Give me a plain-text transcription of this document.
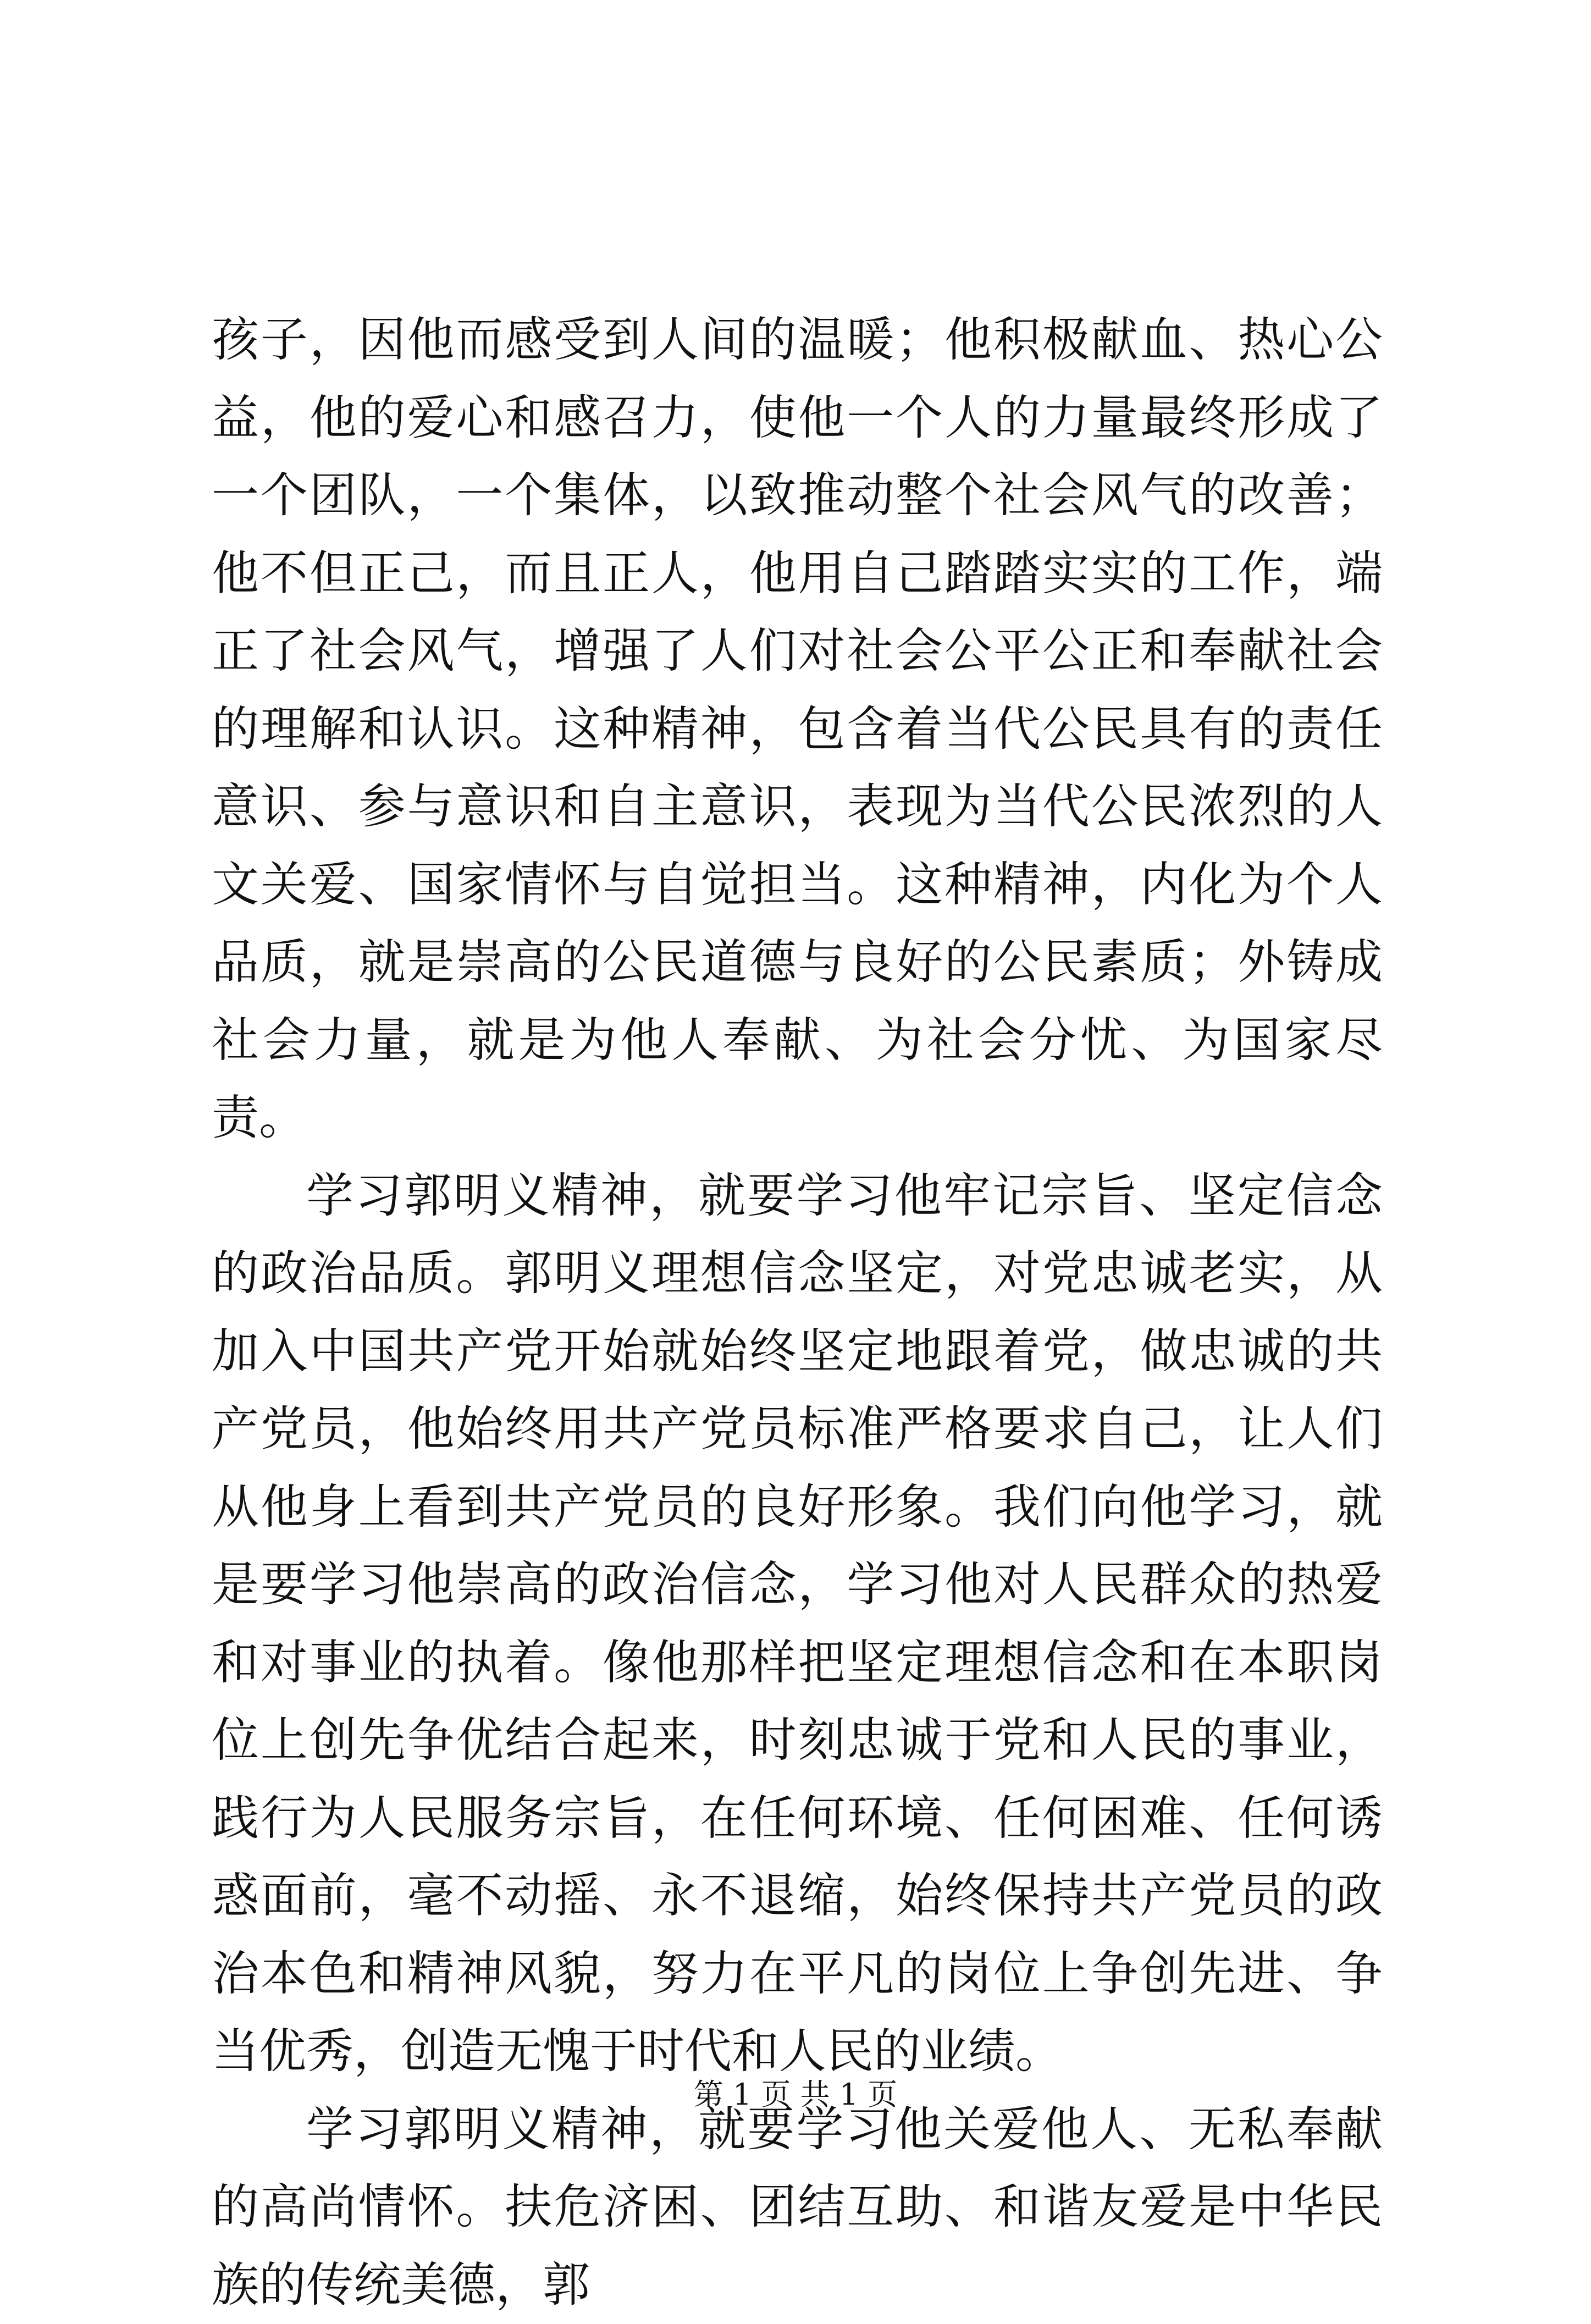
孩子，因他而感受到人间的温暖；他积极献血、热心公益，他的爱心和感召力，使他一个人的力量最终形成了一个团队，一个集体，以致推动整个社会风气的改善；他不但正己，而且正人，他用自己踏踏实实的工作，端正了社会风气，增强了人们对社会公平公正和奉献社会的理解和认识。这种精神，包含着当代公民具有的责任意识、参与意识和自主意识，表现为当代公民浓烈的人文关爱、国家情怀与自觉担当。这种精神，内化为个人品质，就是崇高的公民道德与良好的公民素质；外铸成社会力量，就是为他人奉献、为社会分忧、为国家尽责。

学习郭明义精神，就要学习他牢记宗旨、坚定信念的政治品质。郭明义理想信念坚定，对党忠诚老实，从加入中国共产党开始就始终坚定地跟着党，做忠诚的共产党员，他始终用共产党员标准严格要求自己，让人们从他身上看到共产党员的良好形象。我们向他学习，就是要学习他崇高的政治信念，学习他对人民群众的热爱和对事业的执着。像他那样把坚定理想信念和在本职岗位上创先争优结合起来，时刻忠诚于党和人民的事业，践行为人民服务宗旨，在任何环境、任何困难、任何诱惑面前，毫不动摇、永不退缩，始终保持共产党员的政治本色和精神风貌，努力在平凡的岗位上争创先进、争当优秀，创造无愧于时代和人民的业绩。

学习郭明义精神，就要学习他关爱他人、无私奉献的高尚情怀。扶危济困、团结互助、和谐友爱是中华民族的传统美德，郭

第 1 页 共 1 页
